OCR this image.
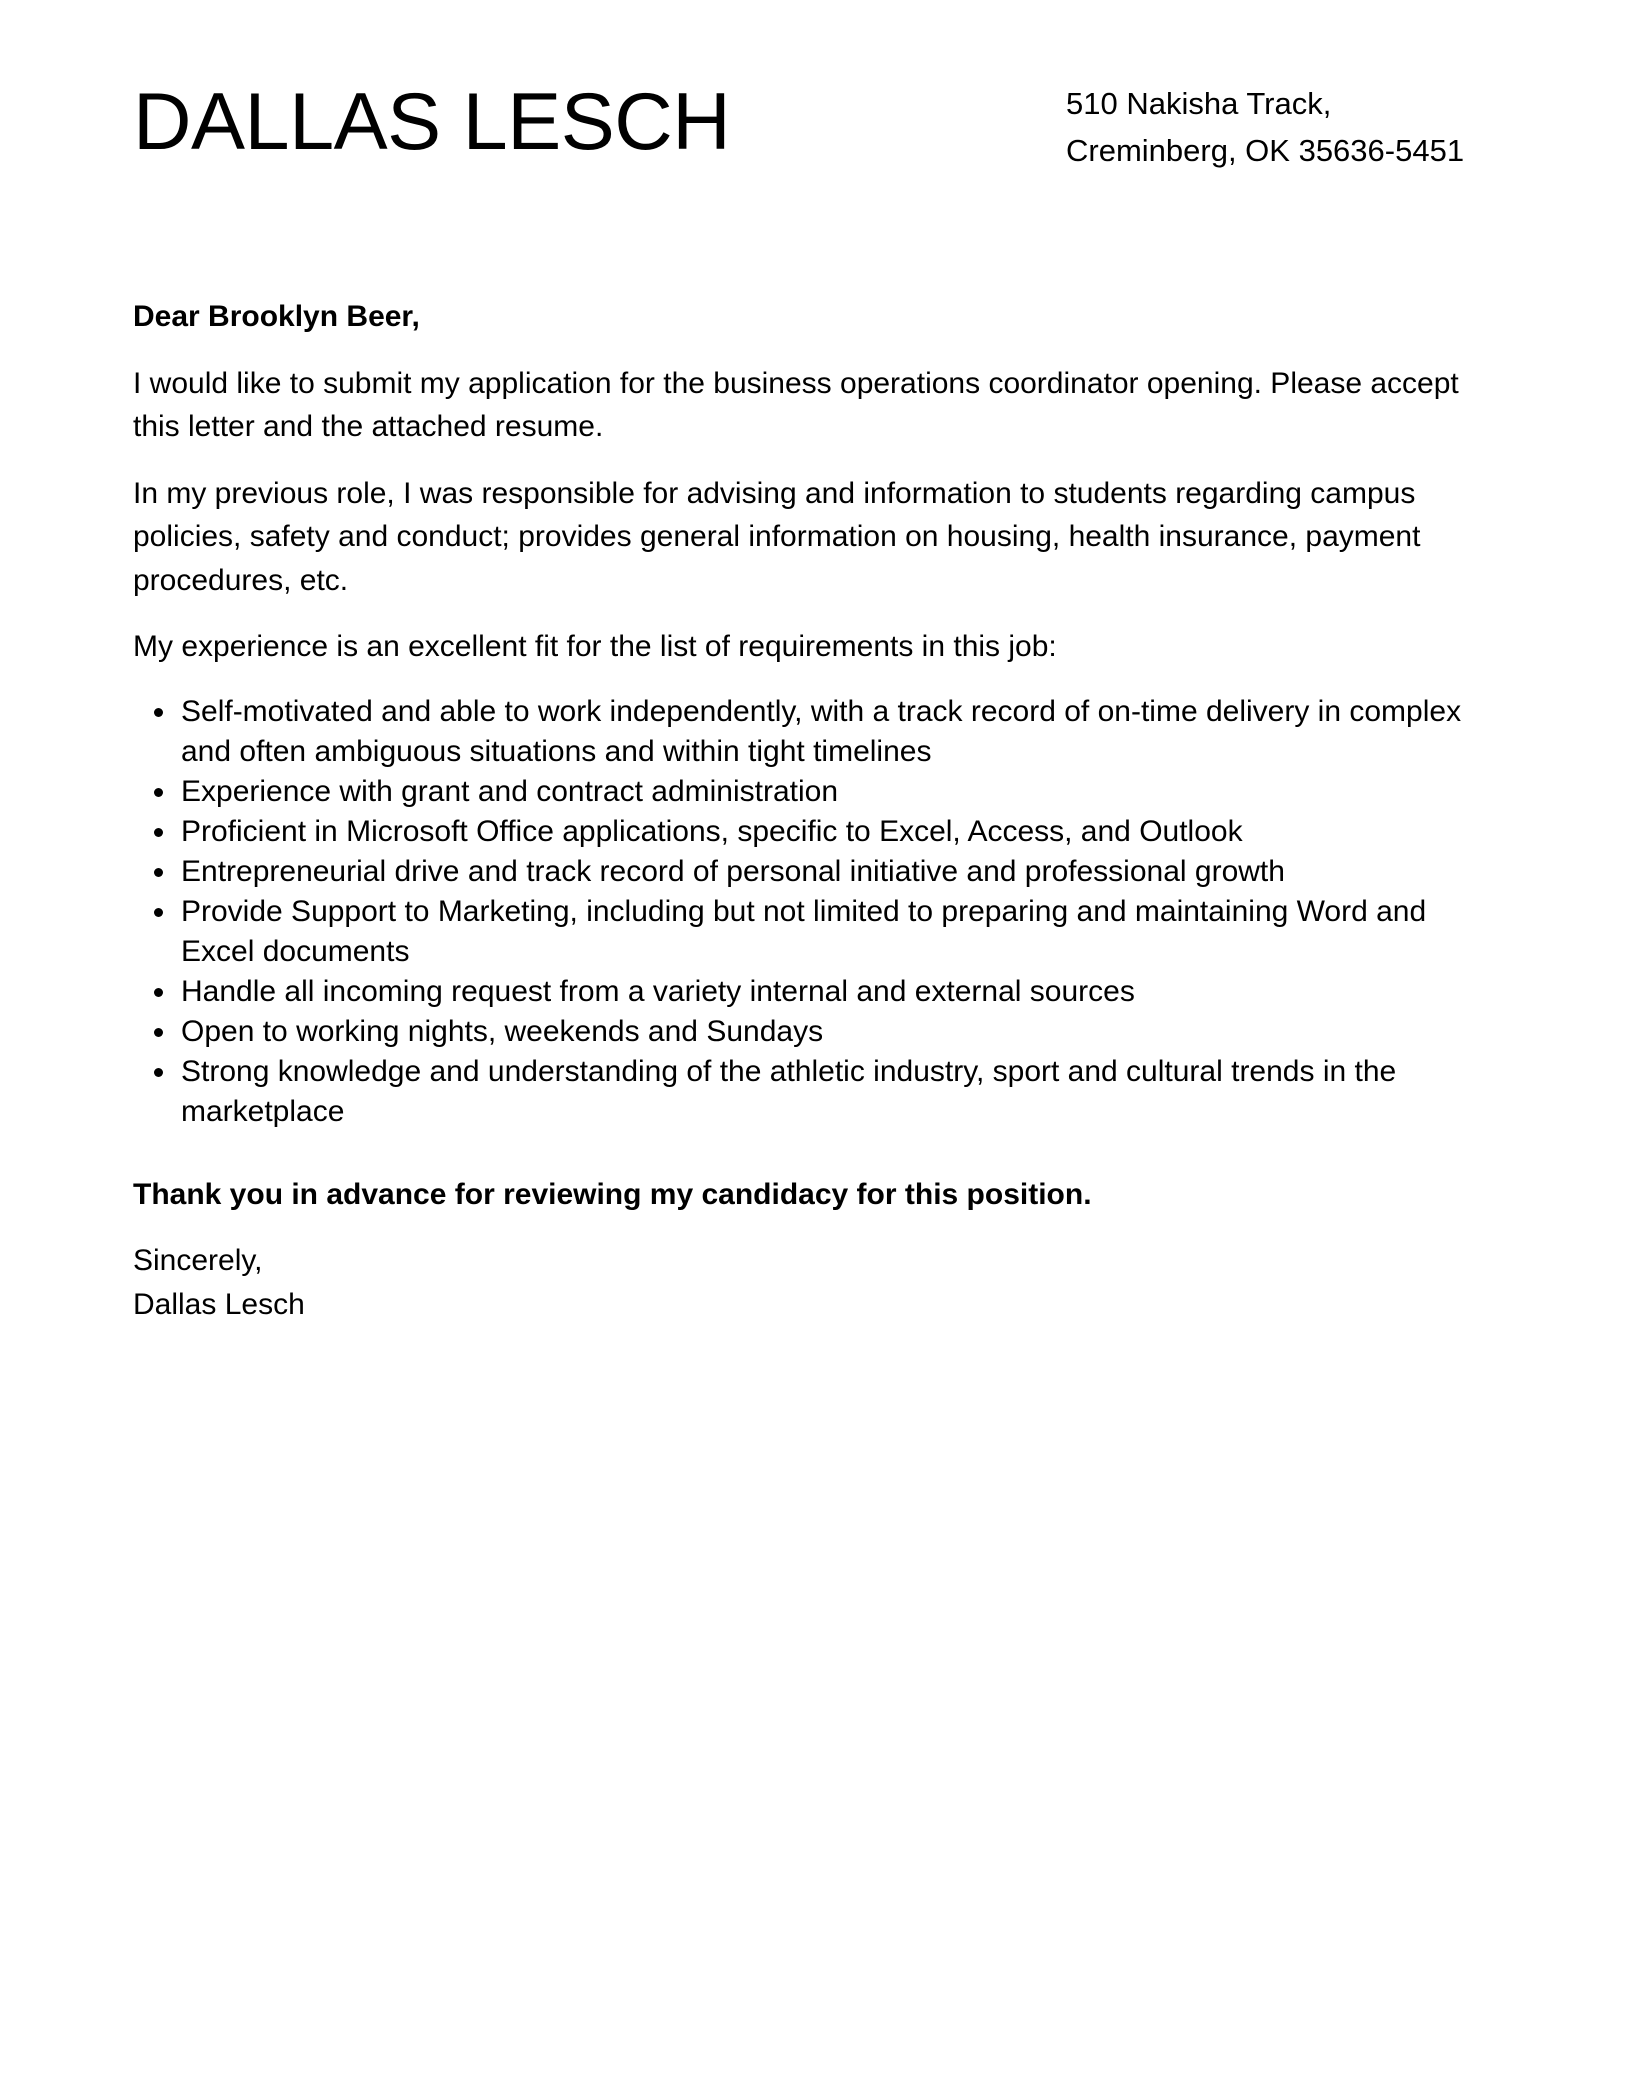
DALLAS LESCH	510 Nakisha Track,
Creminberg, OK 35636-5451

Dear Brooklyn Beer,

I would like to submit my application for the business operations coordinator opening. Please accept this letter and the attached resume.

In my previous role, I was responsible for advising and information to students regarding campus policies, safety and conduct; provides general information on housing, health insurance, payment procedures, etc.

My experience is an excellent fit for the list of requirements in this job:

Self-motivated and able to work independently, with a track record of on-time delivery in complex and often ambiguous situations and within tight timelines
Experience with grant and contract administration
Proficient in Microsoft Office applications, specific to Excel, Access, and Outlook
Entrepreneurial drive and track record of personal initiative and professional growth
Provide Support to Marketing, including but not limited to preparing and maintaining Word and Excel documents
Handle all incoming request from a variety internal and external sources
Open to working nights, weekends and Sundays
Strong knowledge and understanding of the athletic industry, sport and cultural trends in the marketplace

Thank you in advance for reviewing my candidacy for this position.

Sincerely,
Dallas Lesch
